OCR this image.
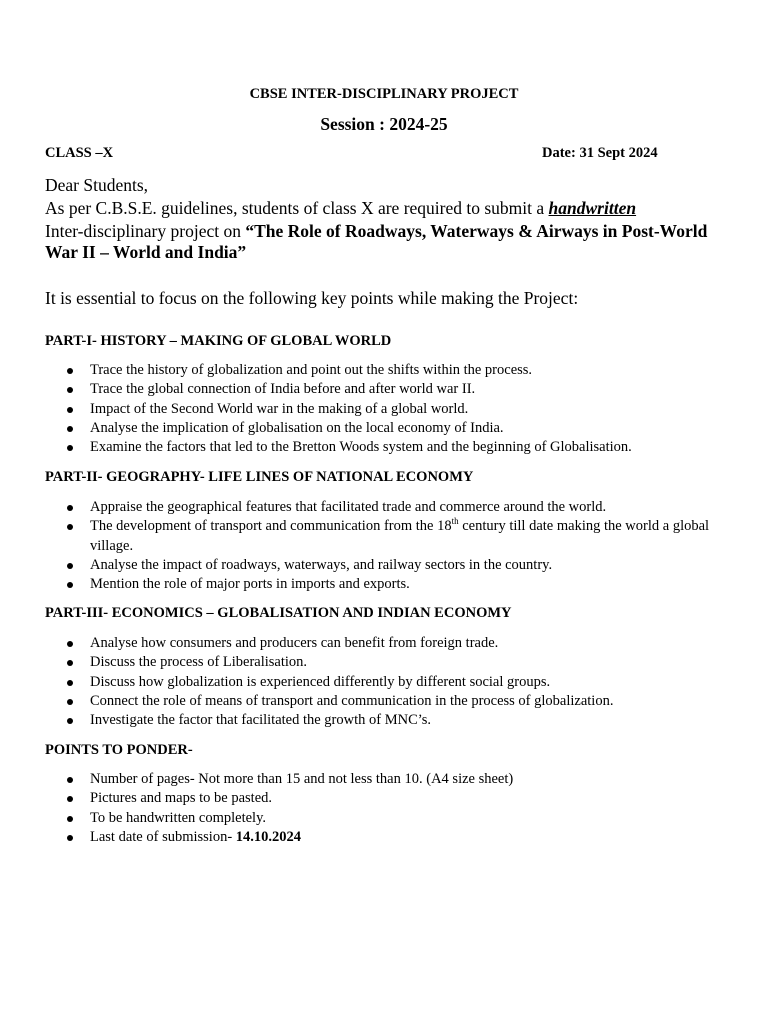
CBSE INTER-DISCIPLINARY PROJECT
Session : 2024-25
CLASS –X	Date: 31 Sept 2024
Dear Students,
As per C.B.S.E. guidelines, students of class X are required to submit a handwritten
Inter-disciplinary project on “The Role of Roadways, Waterways & Airways in Post-World
War II – World and India”
It is essential to focus on the following key points while making the Project:
PART-I- HISTORY – MAKING OF GLOBAL WORLD
Trace the history of globalization and point out the shifts within the process.
Trace the global connection of India before and after world war II.
Impact of the Second World war in the making of a global world.
Analyse the implication of globalisation on the local economy of India.
Examine the factors that led to the Bretton Woods system and the beginning of Globalisation.
PART-II- GEOGRAPHY- LIFE LINES OF NATIONAL ECONOMY
Appraise the geographical features that facilitated trade and commerce around the world.
The development of transport and communication from the 18th century till date making the world a global village.
Analyse the impact of roadways, waterways, and railway sectors in the country.
Mention the role of major ports in imports and exports.
PART-III- ECONOMICS – GLOBALISATION AND INDIAN ECONOMY
Analyse how consumers and producers can benefit from foreign trade.
Discuss the process of Liberalisation.
Discuss how globalization is experienced differently by different social groups.
Connect the role of means of transport and communication in the process of globalization.
Investigate the factor that facilitated the growth of MNC’s.
POINTS TO PONDER-
Number of pages- Not more than 15 and not less than 10. (A4 size sheet)
Pictures and maps to be pasted.
To be handwritten completely.
Last date of submission- 14.10.2024
